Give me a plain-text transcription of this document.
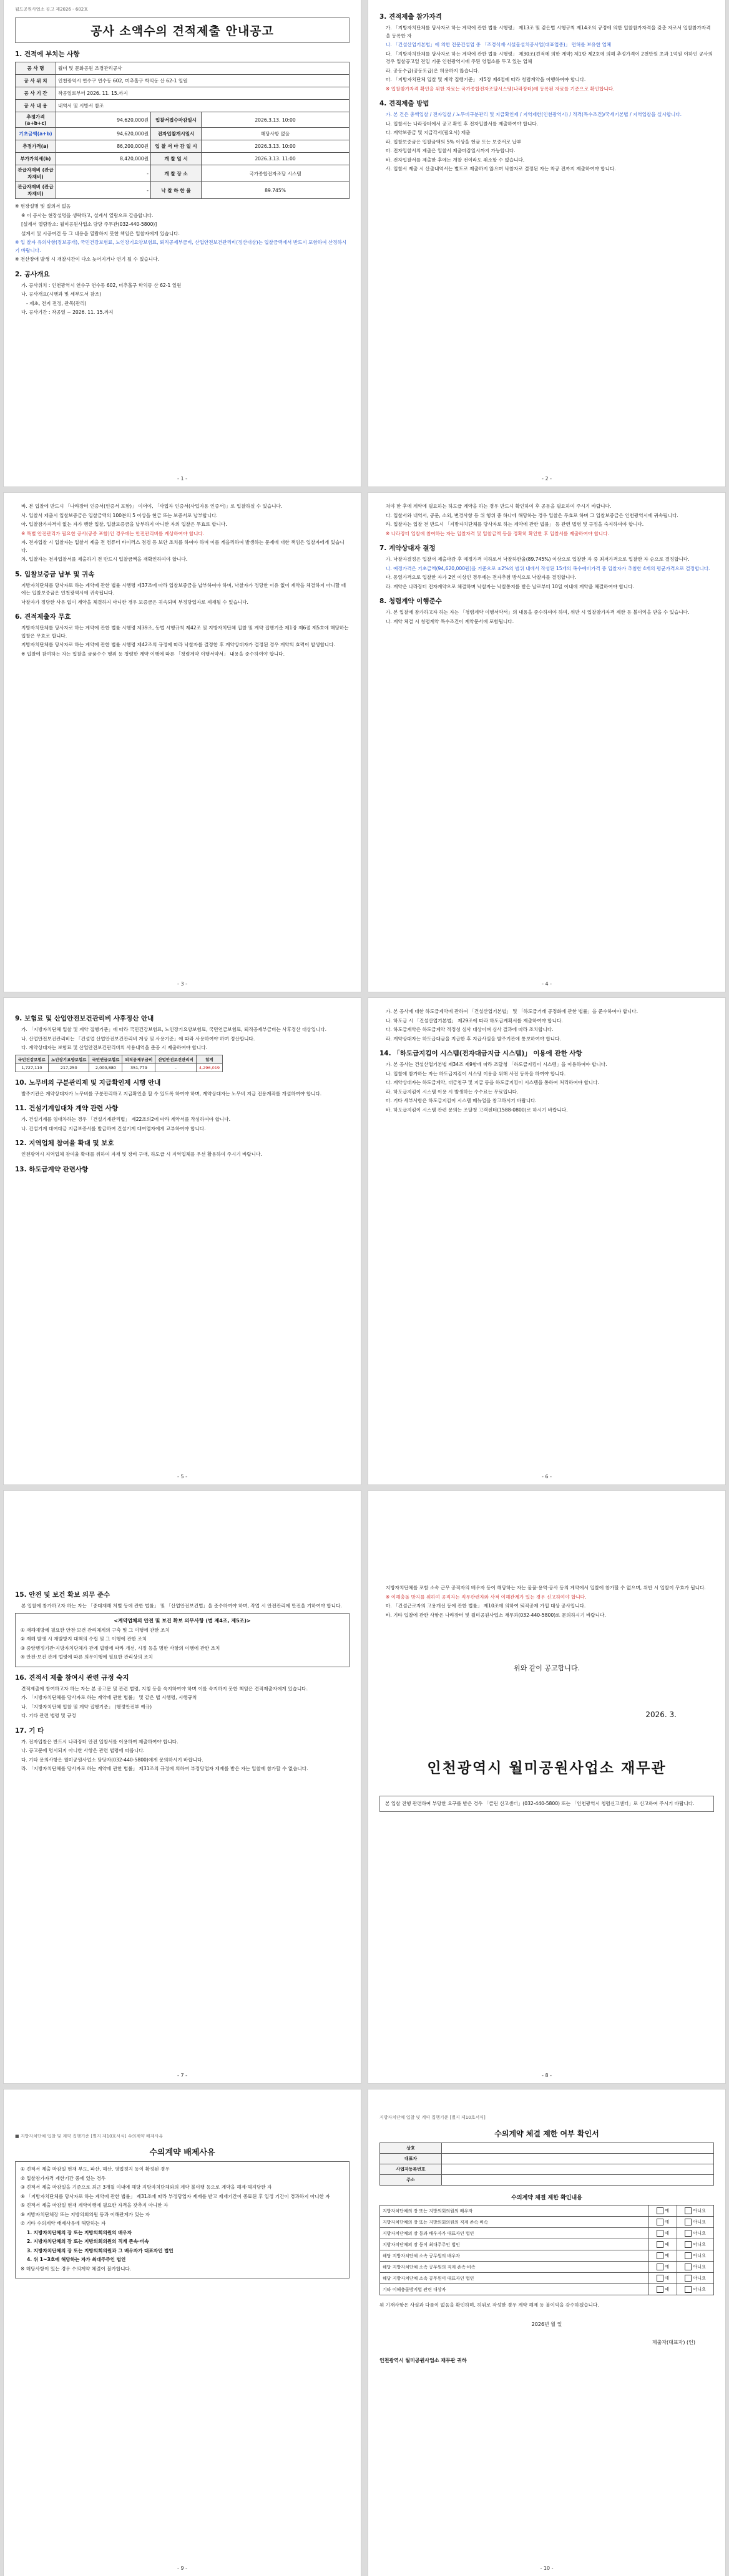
월드공원사업소 공고 제2026 - 602호
공사 소액수의 견적제출 안내공고
1. 견적에 부치는 사항
공 사 명	월미 및 문화공원 조경관리공사		
공 사 위 치	인천광역시 연수구 연수동 602, 미추홀구 학익동 산 62-1 일원		
공 사 기 간	착공일로부터 2026. 11. 15.까지		
공 사 내 용	내역서 및 시방서 참조		
추정가격 (a+b+c)	94,620,000원	입찰서접수마감일시	2026.3.13. 10:00
기초금액(a+b)	94,620,000원	전자입찰개시일시	해당사항 없음
추정가격(a)	86,200,000원	입 찰 서 마 감 일 시	2026.3.13. 10:00
부가가치세(b)	8,420,000원	개 찰 일 시	2026.3.13. 11:00
관급자재비 (관급자재비)	-	개 찰 장 소	국가종합전자조달 시스템
관급자재비 (관급자재비)	-	낙 찰 하 한 율	89.745%

※ 현장설명 및 질의서 없음

※ 이 공사는 현장설명을 생략하고, 설계서 열람으로 갈음합니다.

[설계서 열람장소: 월미공원사업소 담당 주무관(032-440-5800)]

설계서 및 시공여건 등 그 내용을 열람하지 못한 책임은 입찰자에게 있습니다.

※ 입 찰자 유의사항(정보공개), 국민건강보험료, 노인장기요양보험료, 퇴직공제부금비, 산업안전보건관리비(정산대상)는 입찰금액에서 반드시 포함하여 산정하시기 바랍니다.

※ 전산장애 발생 시 개찰시간이 다소 늦어지거나 연기 될 수 있습니다.

2. 공사개요

가. 공사위치 : 인천광역시 연수구 연수동 602, 미추홀구 학익동 산 62-1 일원

나. 공사개요(시행과 및 세부도서 참조)

- 제초, 전지 전정, 관목(관리)

다. 공사기간 : 착공일 ~ 2026. 11. 15.까지

- 1 -
3. 견적제출 참가자격

가. 「지방자치단체를 당사자로 하는 계약에 관한 법률 시행령」 제13조 및 같은법 시행규칙 제14조의 규정에 의한 입찰참가자격을 갖춘 자로서 입찰참가자격을 등록한 자

나. 「건설산업기본법」에 의한 전문건설업 중 「조경식재·시설물설치공사업(대표업종)」 면허를 보유한 업체

다. 「지방자치단체를 당사자로 하는 계약에 관한 법률 시행령」 제30조(견적에 의한 계약) 제1항 제2호에 의해 추정가격이 2천만원 초과 1억원 이하인 공사의 경우 입찰공고일 전일 기준 인천광역시에 주된 영업소를 두고 있는 업체

라. 공동수급(공동도급)은 허용하지 않습니다.

마. 「지방자치단체 입찰 및 계약 집행기준」 제5장 제4절에 따라 청렴계약을 이행하여야 합니다.

※ 입찰참가자격 확인을 위한 자료는 국가종합전자조달시스템(나라장터)에 등록된 자료를 기준으로 확인합니다.

4. 견적제출 방법

가. 본 건은 총액입찰 / 전자입찰 / 노무비구분관리 및 지급확인제 / 지역제한(인천광역시) / 적격(특수조건)/국세기본법 / 지역입찰을 실시합니다.

나. 입찰서는 나라장터에서 공고 확인 후 전자입찰서를 제출하여야 합니다.

다. 계약보증금 및 지급각서(필요시) 제출

라. 입찰보증금은 입찰금액의 5% 이상을 현금 또는 보증서로 납부

마. 전자입찰서의 제출은 입찰서 제출마감일시까지 가능합니다.

바. 전자입찰서를 제출한 후에는 개찰 전이라도 취소할 수 없습니다.

사. 입찰서 제출 시 산출내역서는 별도로 제출하지 않으며 낙찰자로 결정된 자는 착공 전까지 제출하여야 합니다.

- 2 -

바. 본 입찰에 반드시 「나라장터 인증서(인증서 포함)」 이어야, 「사업자 인증서(사업자용 인증서)」로 입찰하실 수 있습니다.

사. 입찰서 제출시 입찰보증금은 입찰금액의 100분의 5 이상을 현금 또는 보증서로 납부합니다.

아. 입찰참가자격이 없는 자가 행한 입찰, 입찰보증금을 납부하지 아니한 자의 입찰은 무효로 합니다.

※ 특별 안전관리가 필요한 공사(공종 포함)인 경우에는 안전관리비를 계상하여야 합니다.

자. 전자입찰 시 입찰자는 입찰서 제출 전 컴퓨터 바이러스 점검 등 보안 조치를 하여야 하며 이를 게을리하여 발생하는 문제에 대한 책임은 입찰자에게 있습니다.

차. 입찰자는 전자입찰서를 제출하기 전 반드시 입찰금액을 재확인하여야 합니다.

5. 입찰보증금 납부 및 귀속

지방자치단체를 당사자로 하는 계약에 관한 법률 시행령 제37조에 따라 입찰보증금을 납부하여야 하며, 낙찰자가 정당한 이유 없이 계약을 체결하지 아니할 때에는 입찰보증금은 인천광역시에 귀속됩니다.

낙찰자가 정당한 사유 없이 계약을 체결하지 아니한 경우 보증금은 귀속되며 부정당업자로 제재될 수 있습니다.

6. 견적제출자 무효

지방자치단체를 당사자로 하는 계약에 관한 법률 시행령 제39조, 동법 시행규칙 제42조 및 지방자치단체 입찰 및 계약 집행기준 제1장 제6절 제5호에 해당하는 입찰은 무효로 합니다.

지방자치단체를 당사자로 하는 계약에 관한 법률 시행령 제42조의 규정에 따라 낙찰자를 결정한 후 계약상대자가 결정된 경우 계약의 효력이 발생합니다.

※ 입찰에 참여하는 자는 입찰을 금품수수 행위 등 청렴한 계약 이행에 따른 「청렴계약 이행서약서」 내용을 준수하여야 합니다.

- 3 -

쳐야 한 후에 계약에 필요하는 하도급 계약을 하는 경우 반드시 확인하여 후 공동을 필요하여 주시기 바랍니다.

다. 입찰서와 내역서, 공문, 소외, 변경사항 등 위 행위 중 하나에 해당하는 경우 입찰은 무효로 하며 그 입찰보증금은 인천광역시에 귀속됩니다.

라. 입찰자는 입찰 전 반드시 「지방자치단체를 당사자로 하는 계약에 관한 법률」 등 관련 법령 및 규정을 숙지하여야 합니다.

※ 나라장터 입찰에 참여하는 자는 입찰자격 및 입찰금액 등을 정확히 확인한 후 입찰서를 제출하여야 합니다.

7. 계약상대자 결정

가. 낙찰자결정은 입찰서 제출마감 후 예정가격 이하로서 낙찰하한율(89.745%) 이상으로 입찰한 자 중 최저가격으로 입찰한 자 순으로 결정합니다.

나. 예정가격은 기초금액(94,620,000원)을 기준으로 ±2%의 범위 내에서 작성된 15개의 복수예비가격 중 입찰자가 추첨한 4개의 평균가격으로 결정합니다.

다. 동일가격으로 입찰한 자가 2인 이상인 경우에는 전자추첨 방식으로 낙찰자를 결정합니다.

라. 계약은 나라장터 전자계약으로 체결하며 낙찰자는 낙찰통지를 받은 날로부터 10일 이내에 계약을 체결하여야 합니다.

8. 청렴계약 이행준수

가. 본 입찰에 참가하고자 하는 자는 「청렴계약 이행서약서」의 내용을 준수하여야 하며, 위반 시 입찰참가자격 제한 등 불이익을 받을 수 있습니다.

나. 계약 체결 시 청렴계약 특수조건이 계약문서에 포함됩니다.

- 4 -
9. 보험료 및 산업안전보건관리비 사후정산 안내

가. 「지방자치단체 입찰 및 계약 집행기준」에 따라 국민건강보험료, 노인장기요양보험료, 국민연금보험료, 퇴직공제부금비는 사후정산 대상입니다.

나. 산업안전보건관리비는 「건설업 산업안전보건관리비 계상 및 사용기준」에 따라 사용하여야 하며 정산합니다.

다. 계약상대자는 보험료 및 산업안전보건관리비의 사용내역을 준공 시 제출하여야 합니다.

국민건강보험료	노인장기요양보험료	국민연금보험료	퇴직공제부금비	산업안전보건관리비	합계
1,727,110	217,250	2,000,880	351,779	-	4,296,019
10. 노무비의 구분관리제 및 지급확인제 시행 안내

발주기관은 계약상대자가 노무비를 구분관리하고 지급확인을 할 수 있도록 하여야 하며, 계약상대자는 노무비 지급 전용계좌를 개설하여야 합니다.

11. 건설기계임대차 계약 관련 사항

가. 건설기계를 임대차하는 경우 「건설기계관리법」 제22조의2에 따라 계약서를 작성하여야 합니다.

나. 건설기계 대여대금 지급보증서를 발급하여 건설기계 대여업자에게 교부하여야 합니다.

12. 지역업체 참여율 확대 및 보호

인천광역시 지역업체 참여율 확대를 위하여 자재 및 장비 구매, 하도급 시 지역업체를 우선 활용하여 주시기 바랍니다.

13. 하도급계약 관련사항
- 5 -

가. 본 공사에 대한 하도급계약에 관하여 「건설산업기본법」 및 「하도급거래 공정화에 관한 법률」을 준수하여야 합니다.

나. 하도급 시 「건설산업기본법」 제29조에 따라 하도급계획서를 제출하여야 합니다.

다. 하도급계약은 하도급계약 적정성 심사 대상이며 심사 결과에 따라 조치합니다.

라. 계약상대자는 하도급대금을 지급한 후 지급사실을 발주기관에 통보하여야 합니다.

14. 「하도급지킴이 시스템(전자대금지급 시스템)」 이용에 관한 사항

가. 본 공사는 건설산업기본법 제34조 제9항에 따라 조달청 「하도급지킴이 시스템」을 이용하여야 합니다.

나. 입찰에 참가하는 자는 하도급지킴이 시스템 이용을 위해 사전 등록을 하여야 합니다.

다. 계약상대자는 하도급계약, 대금청구 및 지급 등을 하도급지킴이 시스템을 통하여 처리하여야 합니다.

라. 하도급지킴이 시스템 이용 시 발생하는 수수료는 무료입니다.

마. 기타 세부사항은 하도급지킴이 시스템 매뉴얼을 참고하시기 바랍니다.

바. 하도급지킴이 시스템 관련 문의는 조달청 고객센터(1588-0800)로 하시기 바랍니다.

- 6 -
15. 안전 및 보건 확보 의무 준수

본 입찰에 참가하고자 하는 자는 「중대재해 처벌 등에 관한 법률」 및 「산업안전보건법」을 준수하여야 하며, 작업 시 안전관리에 만전을 기하여야 합니다.

<계약업체의 안전 및 보건 확보 의무사항 (법 제4조, 제5조)>

① 재해예방에 필요한 안전·보건 관리체계의 구축 및 그 이행에 관한 조치

② 재해 발생 시 재발방지 대책의 수립 및 그 이행에 관한 조치

③ 중앙행정기관·지방자치단체가 관계 법령에 따라 개선, 시정 등을 명한 사항의 이행에 관한 조치

④ 안전·보건 관계 법령에 따른 의무이행에 필요한 관리상의 조치

16. 견적서 제출 참여시 관련 규정 숙지

견적제출에 참여하고자 하는 자는 본 공고문 및 관련 법령, 지침 등을 숙지하여야 하며 이를 숙지하지 못한 책임은 견적제출자에게 있습니다.

가. 「지방자치단체를 당사자로 하는 계약에 관한 법률」 및 같은 법 시행령, 시행규칙

나. 「지방자치단체 입찰 및 계약 집행기준」 (행정안전부 예규)

다. 기타 관련 법령 및 규정

17. 기 타

가. 전자입찰은 반드시 나라장터 안전 입찰서를 이용하여 제출하여야 합니다.

나. 공고문에 명시되지 아니한 사항은 관련 법령에 따릅니다.

다. 기타 문의사항은 월미공원사업소 담당자(032-440-5800)에게 문의하시기 바랍니다.

라. 「지방자치단체를 당사자로 하는 계약에 관한 법률」 제31조의 규정에 의하여 부정당업자 제재를 받은 자는 입찰에 참가할 수 없습니다.

- 7 -

지방자치단체를 포함 소속 근무 공직자의 배우자 등이 해당하는 자는 물품·용역·공사 등의 계약에서 입찰에 참가할 수 없으며, 위반 시 입찰이 무효가 됩니다.

※ 이해충돌 방지를 위하여 공직자는 직무관련자와 사적 이해관계가 있는 경우 신고하여야 합니다.

마. 「건설근로자의 고용개선 등에 관한 법률」 제10조에 의하여 퇴직공제 가입 대상 공사입니다.

바. 기타 입찰에 관한 사항은 나라장터 및 월미공원사업소 재무과(032-440-5800)로 문의하시기 바랍니다.

위와 같이 공고합니다.
2026. 3.
인천광역시 월미공원사업소 재무관
본 입찰 진행 관련하여 부당한 요구를 받은 경우 「클린 신고센터」(032-440-5800) 또는 「인천광역시 청렴신고센터」로 신고하여 주시기 바랍니다.
- 8 -
■ 지방자치단체 입찰 및 계약 집행기준 [별지 제10호서식] 수의계약 배제사유
수의계약 배제사유

① 견적서 제출 마감일 현재 부도, 파산, 해산, 영업정지 등이 확정된 경우

② 입찰참가자격 제한기간 중에 있는 경우

③ 견적서 제출 마감일을 기준으로 최근 3개월 이내에 해당 지방자치단체와의 계약 불이행 등으로 계약을 해제·해지당한 자

④ 「지방자치단체를 당사자로 하는 계약에 관한 법률」 제31조에 따라 부정당업자 제재를 받고 제재기간이 종료된 후 일정 기간이 경과하지 아니한 자

⑤ 견적서 제출 마감일 현재 계약이행에 필요한 자격을 갖추지 아니한 자

⑥ 지방자치단체장 또는 지방의회의원 등과 이해관계가 있는 자

⑦ 기타 수의계약 배제사유에 해당하는 자

1. 지방자치단체의 장 또는 지방의회의원의 배우자

2. 지방자치단체의 장 또는 지방의회의원의 직계 존속·비속

3. 지방자치단체의 장 또는 지방의회의원과 그 배우자가 대표자인 법인

4. 위 1~3호에 해당하는 자가 최대주주인 법인

※ 해당사항이 있는 경우 수의계약 체결이 불가합니다.

- 9 -
지방자치단체 입찰 및 계약 집행기준 [별지 제10호서식]
수의계약 체결 제한 여부 확인서
상호	
대표자	
사업자등록번호	
주소	
수의계약 체결 제한 확인내용
지방자치단체의 장 또는 지방의회의원의 배우자	예	아니요
지방자치단체의 장 또는 지방의회의원의 직계 존속·비속	예	아니요
지방자치단체의 장 등과 배우자가 대표자인 법인	예	아니요
지방자치단체의 장 등이 최대주주인 법인	예	아니요
해당 지방자치단체 소속 공무원의 배우자	예	아니요
해당 지방자치단체 소속 공무원의 직계 존속·비속	예	아니요
해당 지방자치단체 소속 공무원이 대표자인 법인	예	아니요
기타 이해충돌방지법 관련 대상자	예	아니요

위 기재사항은 사실과 다름이 없음을 확인하며, 허위로 작성한 경우 계약 해제 등 불이익을 감수하겠습니다.

2026년 월 일
제출자(대표자) (인)
인천광역시 월미공원사업소 재무관 귀하
- 10 -
